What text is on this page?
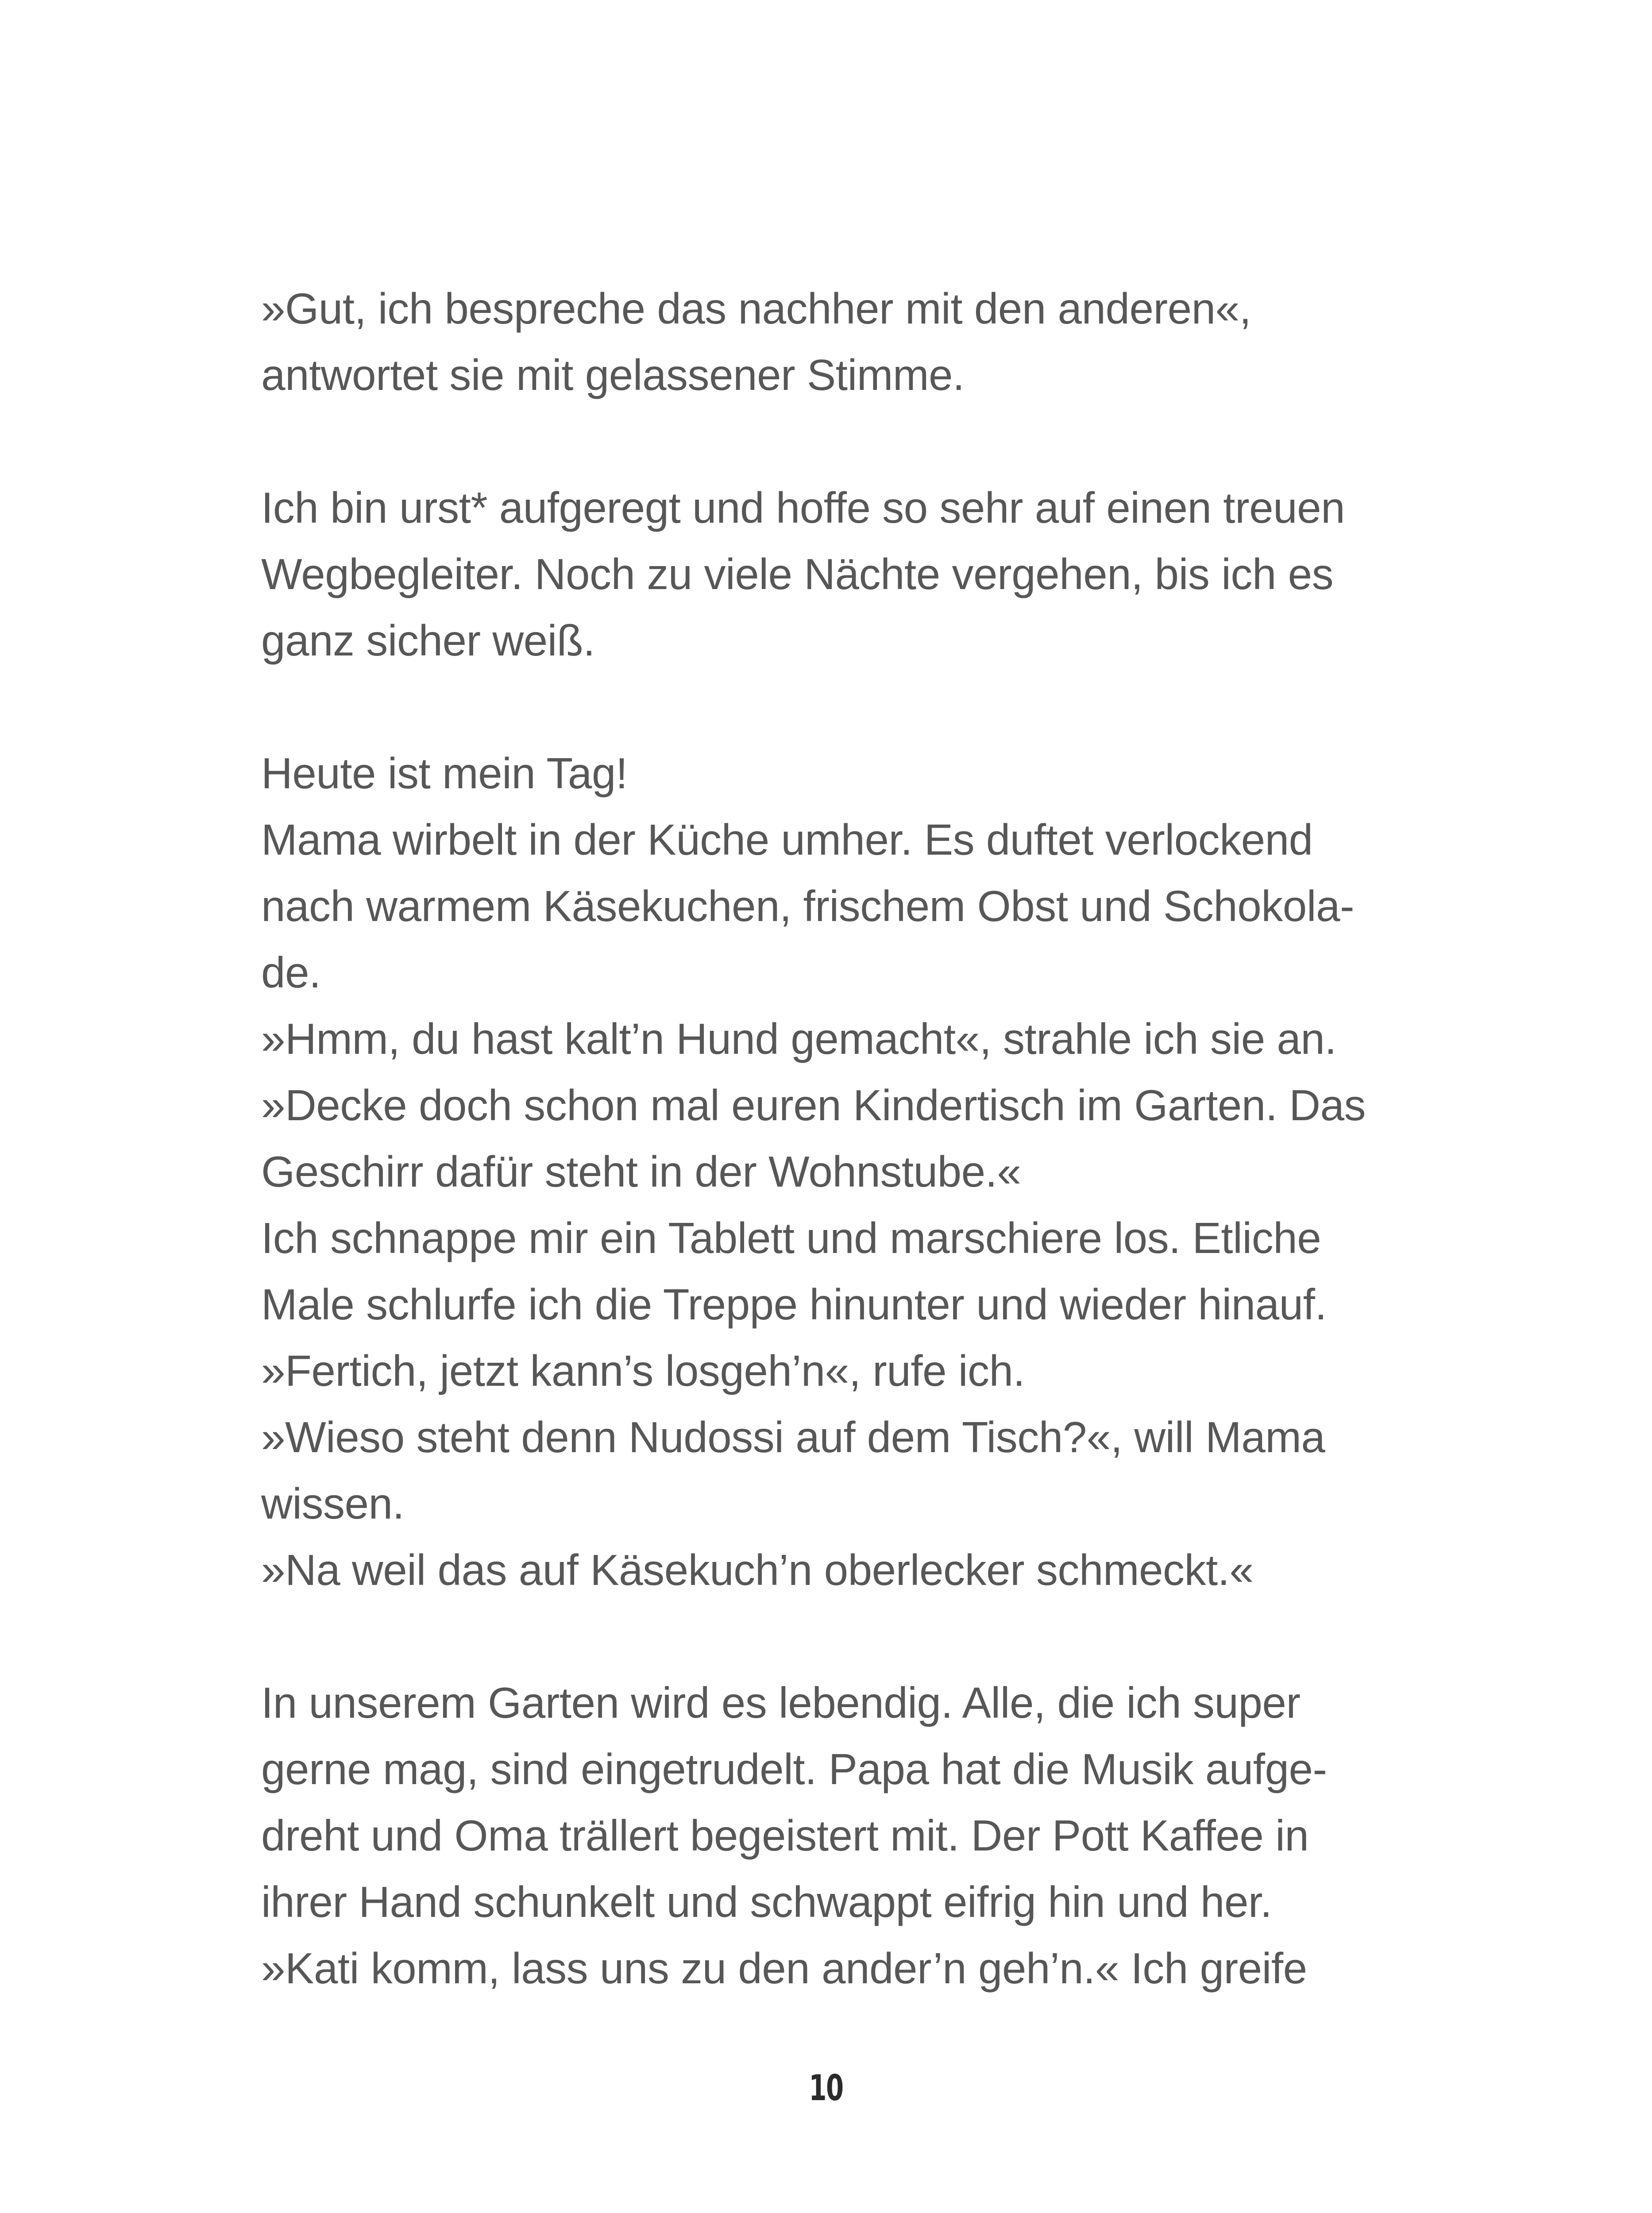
»Gut, ich bespreche das nachher mit den anderen«,
antwortet sie mit gelassener Stimme.
Ich bin urst* aufgeregt und hoffe so sehr auf einen treuen
Wegbegleiter. Noch zu viele Nächte vergehen, bis ich es
ganz sicher weiß.
Heute ist mein Tag!
Mama wirbelt in der Küche umher. Es duftet verlockend
nach warmem Käsekuchen, frischem Obst und Schokola-
de.
»Hmm, du hast kalt’n Hund gemacht«, strahle ich sie an.
»Decke doch schon mal euren Kindertisch im Garten. Das
Geschirr dafür steht in der Wohnstube.«
Ich schnappe mir ein Tablett und marschiere los. Etliche
Male schlurfe ich die Treppe hinunter und wieder hinauf.
»Fertich, jetzt kann’s losgeh’n«, rufe ich.
»Wieso steht denn Nudossi auf dem Tisch?«, will Mama
wissen.
»Na weil das auf Käsekuch’n oberlecker schmeckt.«
In unserem Garten wird es lebendig. Alle, die ich super
gerne mag, sind eingetrudelt. Papa hat die Musik aufge-
dreht und Oma trällert begeistert mit. Der Pott Kaffee in
ihrer Hand schunkelt und schwappt eifrig hin und her.
»Kati komm, lass uns zu den ander’n geh’n.« Ich greife
10
